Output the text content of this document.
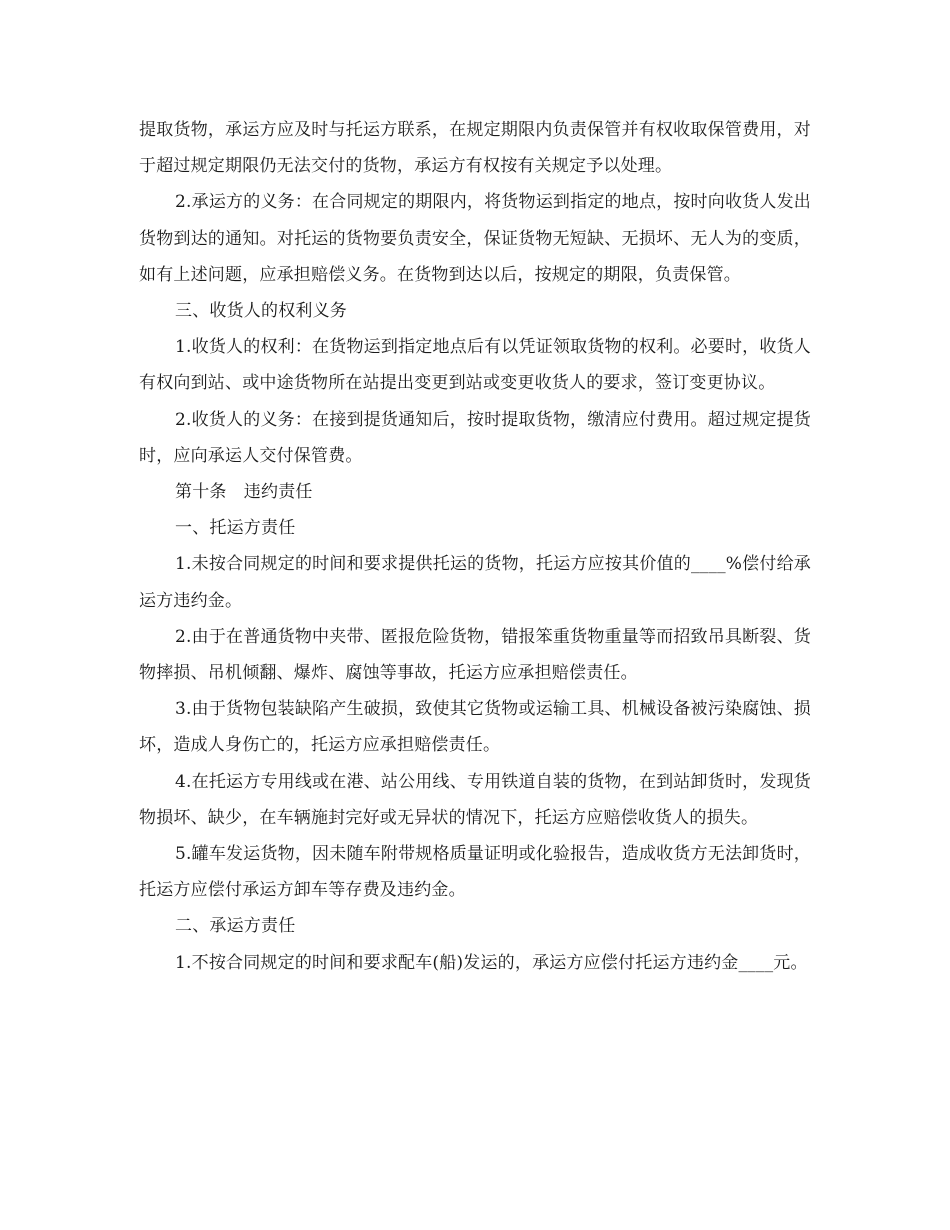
提取货物，承运方应及时与托运方联系，在规定期限内负责保管并有权收取保管费用，对于超过规定期限仍无法交付的货物，承运方有权按有关规定予以处理。

2.承运方的义务：在合同规定的期限内，将货物运到指定的地点，按时向收货人发出货物到达的通知。对托运的货物要负责安全，保证货物无短缺、无损坏、无人为的变质，如有上述问题，应承担赔偿义务。在货物到达以后，按规定的期限，负责保管。

三、收货人的权利义务

1.收货人的权利：在货物运到指定地点后有以凭证领取货物的权利。必要时，收货人有权向到站、或中途货物所在站提出变更到站或变更收货人的要求，签订变更协议。

2.收货人的义务：在接到提货通知后，按时提取货物，缴清应付费用。超过规定提货时，应向承运人交付保管费。

第十条　违约责任

一、托运方责任

1.未按合同规定的时间和要求提供托运的货物，托运方应按其价值的____%偿付给承运方违约金。

2.由于在普通货物中夹带、匿报危险货物，错报笨重货物重量等而招致吊具断裂、货物摔损、吊机倾翻、爆炸、腐蚀等事故，托运方应承担赔偿责任。

3.由于货物包装缺陷产生破损，致使其它货物或运输工具、机械设备被污染腐蚀、损坏，造成人身伤亡的，托运方应承担赔偿责任。

4.在托运方专用线或在港、站公用线、专用铁道自装的货物，在到站卸货时，发现货物损坏、缺少，在车辆施封完好或无异状的情况下，托运方应赔偿收货人的损失。

5.罐车发运货物，因未随车附带规格质量证明或化验报告，造成收货方无法卸货时，托运方应偿付承运方卸车等存费及违约金。

二、承运方责任

1.不按合同规定的时间和要求配车(船)发运的，承运方应偿付托运方违约金____元。
